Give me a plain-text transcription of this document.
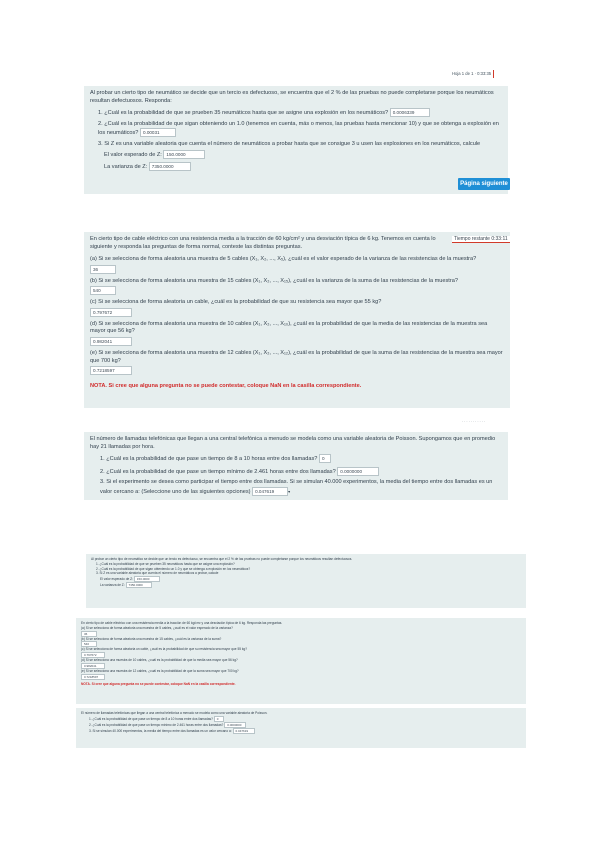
Hoja 1 de 1 · 0:33:35

Al probar un cierto tipo de neumático se decide que un tercio es defectuoso, se encuentra que el 2 % de las pruebas no puede completarse porque los neumáticos resultan defectuosos. Responda:

1. ¿Cuál es la probabilidad de que se prueben 35 neumáticos hasta que se asigne una explosión en los neumáticos? 0.0006339

2. ¿Cuál es la probabilidad de que sigan obteniendo un 1.0 (tenemos en cuenta, más o menos, las pruebas hasta mencionar 10) y que se obtenga a explosión en los neumáticos? 0.00031

3. Si Z es una variable aleatoria que cuenta el número de neumáticos a probar hasta que se consigue 3 u usen las explosiones en los neumáticos, calcule

El valor esperado de Z: 150.0000

La varianza de Z: 7350.0000

Página siguiente

En cierto tipo de cable eléctrico con una resistencia media a la tracción de 60 kg/cm² y una desviación típica de 6 kg. Tenemos en cuenta lo siguiente y responda las preguntas de forma normal, conteste las distintas preguntas.

(a) Si se selecciona de forma aleatoria una muestra de 5 cables (X₁, X₂, ..., X₅), ¿cuál es el valor esperado de la varianza de las resistencias de la muestra?

36

(b) Si se selecciona de forma aleatoria una muestra de 15 cables (X₁, X₂, ..., X₁₅), ¿cuál es la varianza de la suma de las resistencias de la muestra?

540

(c) Si se selecciona de forma aleatoria un cable, ¿cuál es la probabilidad de que su resistencia sea mayor que 55 kg?

0.797672

(d) Si se selecciona de forma aleatoria una muestra de 10 cables (X₁, X₂, ..., X₁₀), ¿cuál es la probabilidad de que la media de las resistencias de la muestra sea mayor que 56 kg?

0.982041

(e) Si se selecciona de forma aleatoria una muestra de 12 cables (X₁, X₂, ..., X₁₂), ¿cuál es la probabilidad de que la suma de las resistencias de la muestra sea mayor que 700 kg?

0.7218597

NOTA. Si cree que alguna pregunta no se puede contestar, coloque NaN en la casilla correspondiente.

Tiempo restante 0:33:11
· · · · · · · · · · ·

El número de llamadas telefónicas que llegan a una central telefónica a menudo se modela como una variable aleatoria de Poisson. Supongamos que en promedio hay 21 llamadas por hora.

1. ¿Cuál es la probabilidad de que pase un tiempo de 8 a 10 horas entre dos llamadas? 0

2. ¿Cuál es la probabilidad de que pase un tiempo mínimo de 2.461 horas entre dos llamadas? 0.0000000

3. Si el experimento se desea como participar el tiempo entre dos llamadas. Si se simulan 40.000 experimentos, la media del tiempo entre dos llamadas es un valor cercano a: (Seleccione uno de las siguientes opciones) 0.047619	▾

Al probar un cierto tipo de neumático se decide que un tercio es defectuoso, se encuentra que el 2 % de las pruebas no puede completarse porque los neumáticos resultan defectuosos.

1. ¿Cuál es la probabilidad de que se prueben 35 neumáticos hasta que se asigne una explosión?

2. ¿Cuál es la probabilidad de que sigan obteniendo un 1.0 y que se obtenga a explosión en los neumáticos?

3. Si Z es una variable aleatoria que cuenta el número de neumáticos a probar, calcule

El valor esperado de Z: 150.0000

La varianza de Z: 7350.0000

En cierto tipo de cable eléctrico con una resistencia media a la tracción de 60 kg/cm² y una desviación típica de 6 kg. Responda las preguntas.

(a) Si se selecciona de forma aleatoria una muestra de 5 cables, ¿cuál es el valor esperado de la varianza?

36

(b) Si se selecciona de forma aleatoria una muestra de 15 cables, ¿cuál es la varianza de la suma?

540

(c) Si se selecciona de forma aleatoria un cable, ¿cuál es la probabilidad de que su resistencia sea mayor que 55 kg?

0.797672

(d) Si se selecciona una muestra de 10 cables, ¿cuál es la probabilidad de que la media sea mayor que 56 kg?

0.982041

(e) Si se selecciona una muestra de 12 cables, ¿cuál es la probabilidad de que la suma sea mayor que 700 kg?

0.7218597

NOTA. Si cree que alguna pregunta no se puede contestar, coloque NaN en la casilla correspondiente.

El número de llamadas telefónicas que llegan a una central telefónica a menudo se modela como una variable aleatoria de Poisson.

1. ¿Cuál es la probabilidad de que pase un tiempo de 8 a 10 horas entre dos llamadas? 0

2. ¿Cuál es la probabilidad de que pase un tiempo mínimo de 2.461 horas entre dos llamadas? 0.0000000

3. Si se simulan 40.000 experimentos, la media del tiempo entre dos llamadas es un valor cercano a: 0.047619
